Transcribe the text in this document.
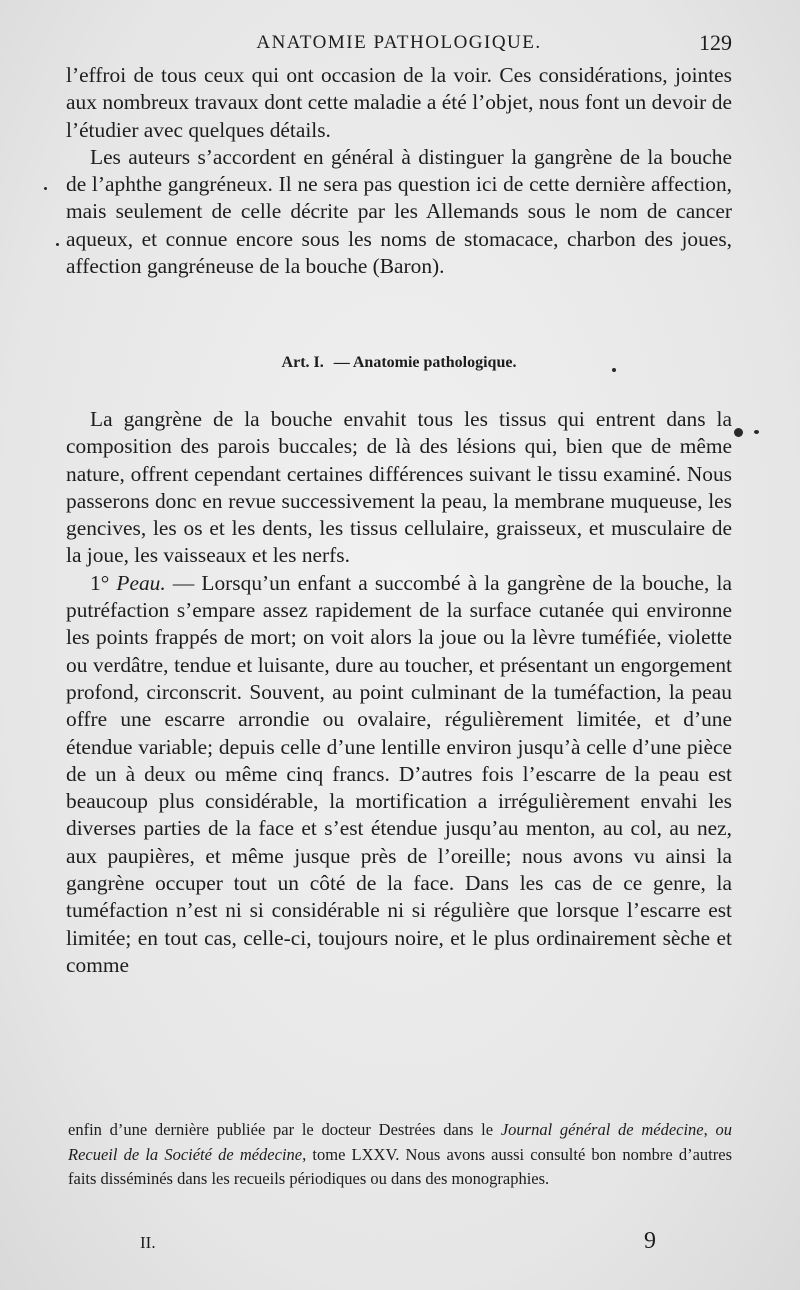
ANATOMIE PATHOLOGIQUE.	129

l’effroi de tous ceux qui ont occasion de la voir. Ces considérations, jointes aux nombreux travaux dont cette maladie a été l’objet, nous font un devoir de l’étudier avec quelques détails.

Les auteurs s’accordent en général à distinguer la gangrène de la bouche de l’aphthe gangréneux. Il ne sera pas question ici de cette dernière affection, mais seulement de celle décrite par les Allemands sous le nom de cancer aqueux, et connue encore sous les noms de stomacace, charbon des joues, affection gangréneuse de la bouche (Baron).

Art. I. — Anatomie pathologique.

La gangrène de la bouche envahit tous les tissus qui entrent dans la composition des parois buccales; de là des lésions qui, bien que de même nature, offrent cependant certaines différences suivant le tissu examiné. Nous passerons donc en revue successivement la peau, la membrane muqueuse, les gencives, les os et les dents, les tissus cellulaire, graisseux, et musculaire de la joue, les vaisseaux et les nerfs.

1° Peau. — Lorsqu’un enfant a succombé à la gangrène de la bouche, la putréfaction s’empare assez rapidement de la surface cutanée qui environne les points frappés de mort; on voit alors la joue ou la lèvre tuméfiée, violette ou verdâtre, tendue et luisante, dure au toucher, et présentant un engorgement profond, circonscrit. Souvent, au point culminant de la tuméfaction, la peau offre une escarre arrondie ou ovalaire, régulièrement limitée, et d’une étendue variable; depuis celle d’une lentille environ jusqu’à celle d’une pièce de un à deux ou même cinq francs. D’autres fois l’escarre de la peau est beaucoup plus considérable, la mortification a irrégulièrement envahi les diverses parties de la face et s’est étendue jusqu’au menton, au col, au nez, aux paupières, et même jusque près de l’oreille; nous avons vu ainsi la gangrène occuper tout un côté de la face. Dans les cas de ce genre, la tuméfaction n’est ni si considérable ni si régulière que lorsque l’escarre est limitée; en tout cas, celle-ci, toujours noire, et le plus ordinairement sèche et comme

enfin d’une dernière publiée par le docteur Destrées dans le Journal général de médecine, ou Recueil de la Société de médecine, tome LXXV. Nous avons aussi consulté bon nombre d’autres faits disséminés dans les recueils périodiques ou dans des monographies.

II.	9
